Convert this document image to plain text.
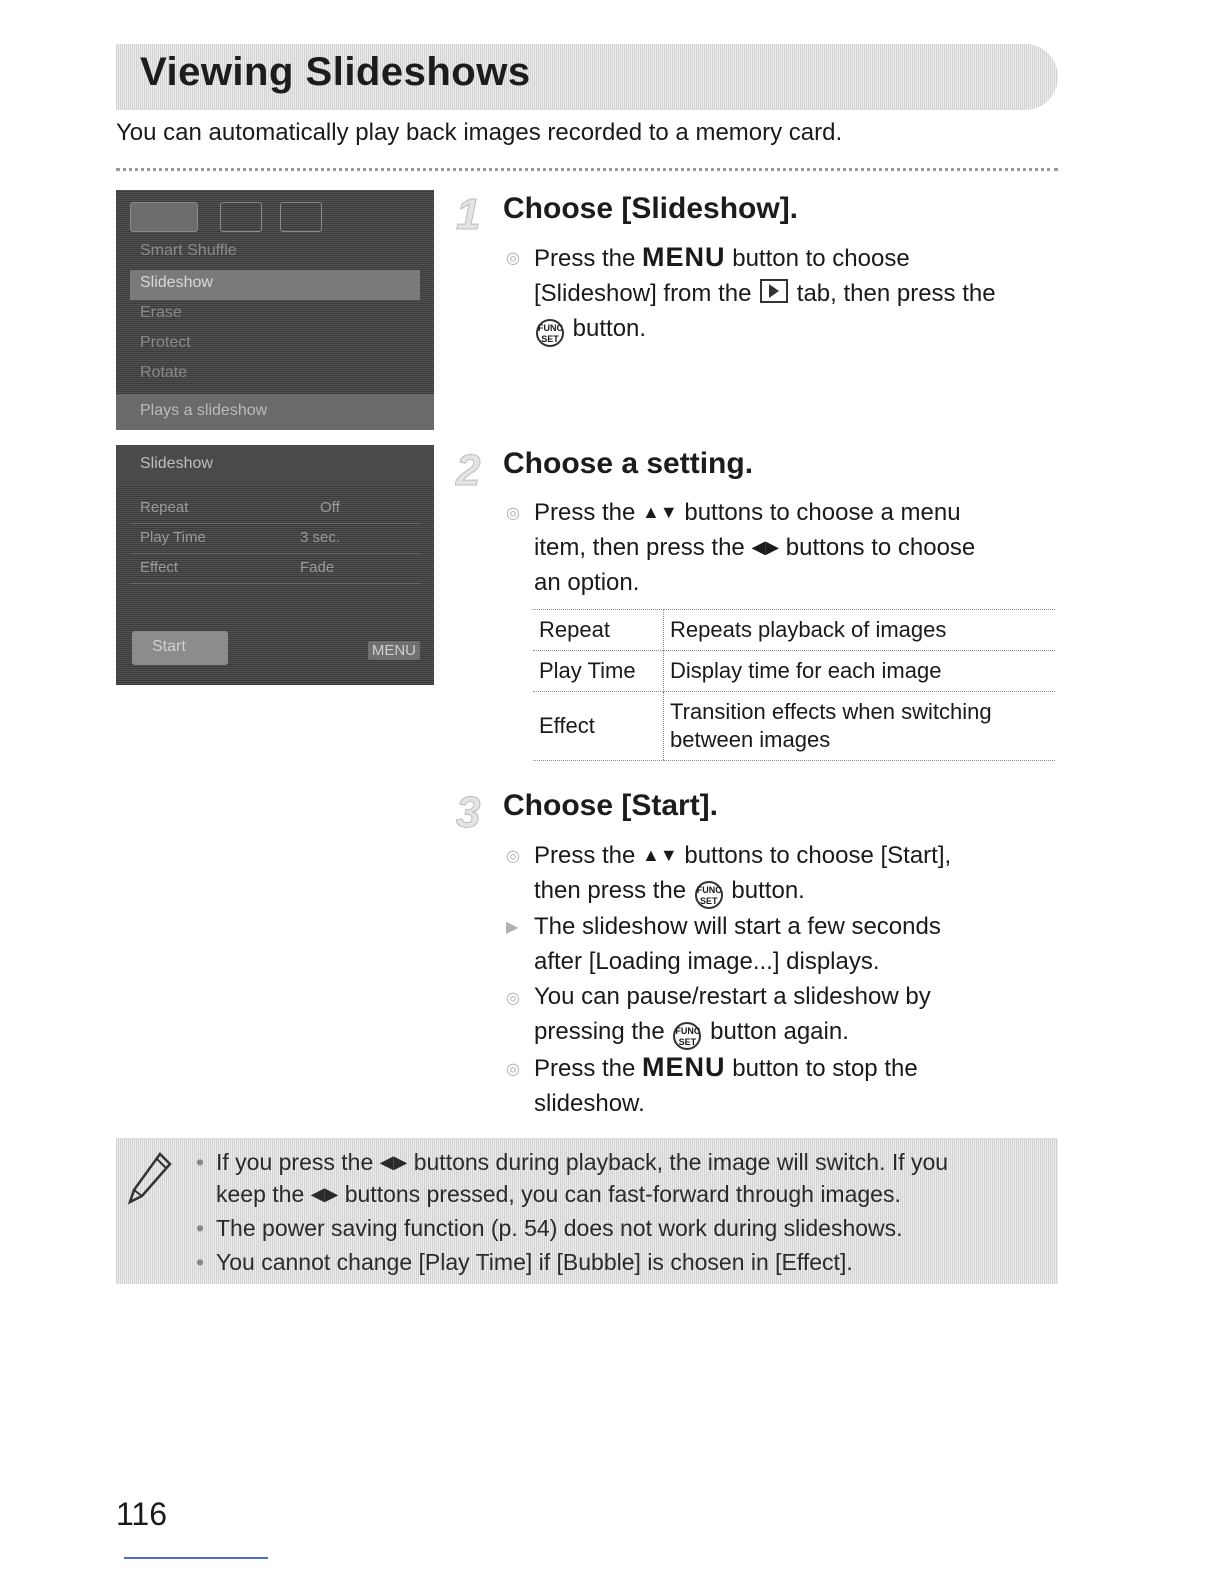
Viewing Slideshows
You can automatically play back images recorded to a memory card.
Smart Shuffle
Slideshow
Erase
Protect
Rotate
Plays a slideshow
Slideshow
Repeat	Off
Play Time	3 sec.
Effect	Fade
Start	MENU
1 Choose [Slideshow].
◎ Press the MENU button to choose
[Slideshow] from the  tab, then press the
FUNC
SET button.
2 Choose a setting.
◎ Press the ▲▼ buttons to choose a menu
item, then press the ◀▶ buttons to choose
an option.
Repeat	Repeats playback of images
Play Time	Display time for each image
Effect	Transition effects when switching between images
3 Choose [Start].
◎
▶
◎
◎
Press the ▲▼ buttons to choose [Start],
then press the FUNC
SET button.
The slideshow will start a few seconds
after [Loading image...] displays.
You can pause/restart a slideshow by
pressing the FUNC
SET button again.
Press the MENU button to stop the
slideshow.
• If you press the ◀▶ buttons during playback, the image will switch. If you
keep the ◀▶ buttons pressed, you can fast-forward through images.
• The power saving function (p. 54) does not work during slideshows.
• You cannot change [Play Time] if [Bubble] is chosen in [Effect].
116
